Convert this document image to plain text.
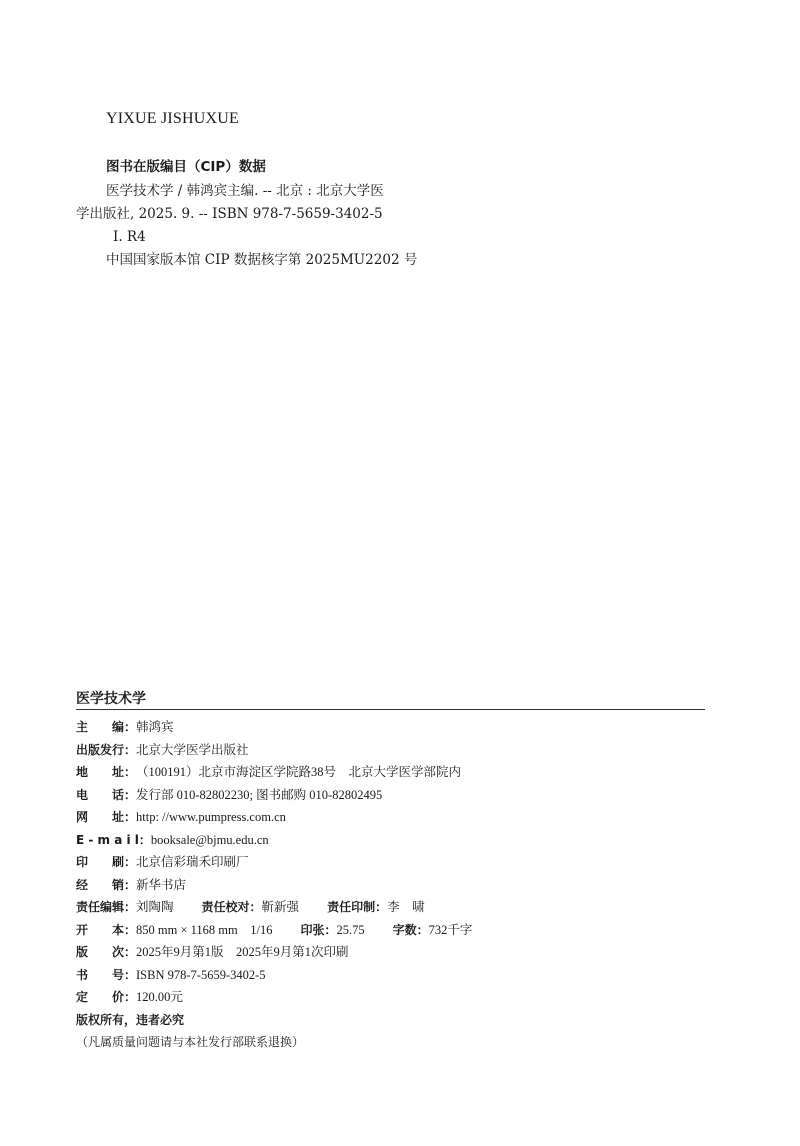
YIXUE JISHUXUE
图书在版编目（CIP）数据
医学技术学 / 韩鸿宾主编. -- 北京 : 北京大学医
学出版社, 2025. 9. -- ISBN 978-7-5659-3402-5
Ⅰ. R4
中国国家版本馆 CIP 数据核字第 2025MU2202 号
医学技术学
主　　编： 韩鸿宾
出版发行： 北京大学医学出版社
地　　址： （100191）北京市海淀区学院路38号　北京大学医学部院内
电　　话： 发行部 010-82802230; 图书邮购 010-82802495
网　　址： http: //www.pumpress.com.cn
E - m a i l： booksale@bjmu.edu.cn
印　　刷： 北京信彩瑞禾印刷厂
经　　销： 新华书店
责任编辑： 刘陶陶 责任校对： 靳新强 责任印制： 李　啸
开　　本： 850 mm × 1168 mm　1/16 印张： 25.75 字数： 732千字
版　　次： 2025年9月第1版　2025年9月第1次印刷
书　　号： ISBN 978-7-5659-3402-5
定　　价： 120.00元
版权所有，违者必究
（凡属质量问题请与本社发行部联系退换）
